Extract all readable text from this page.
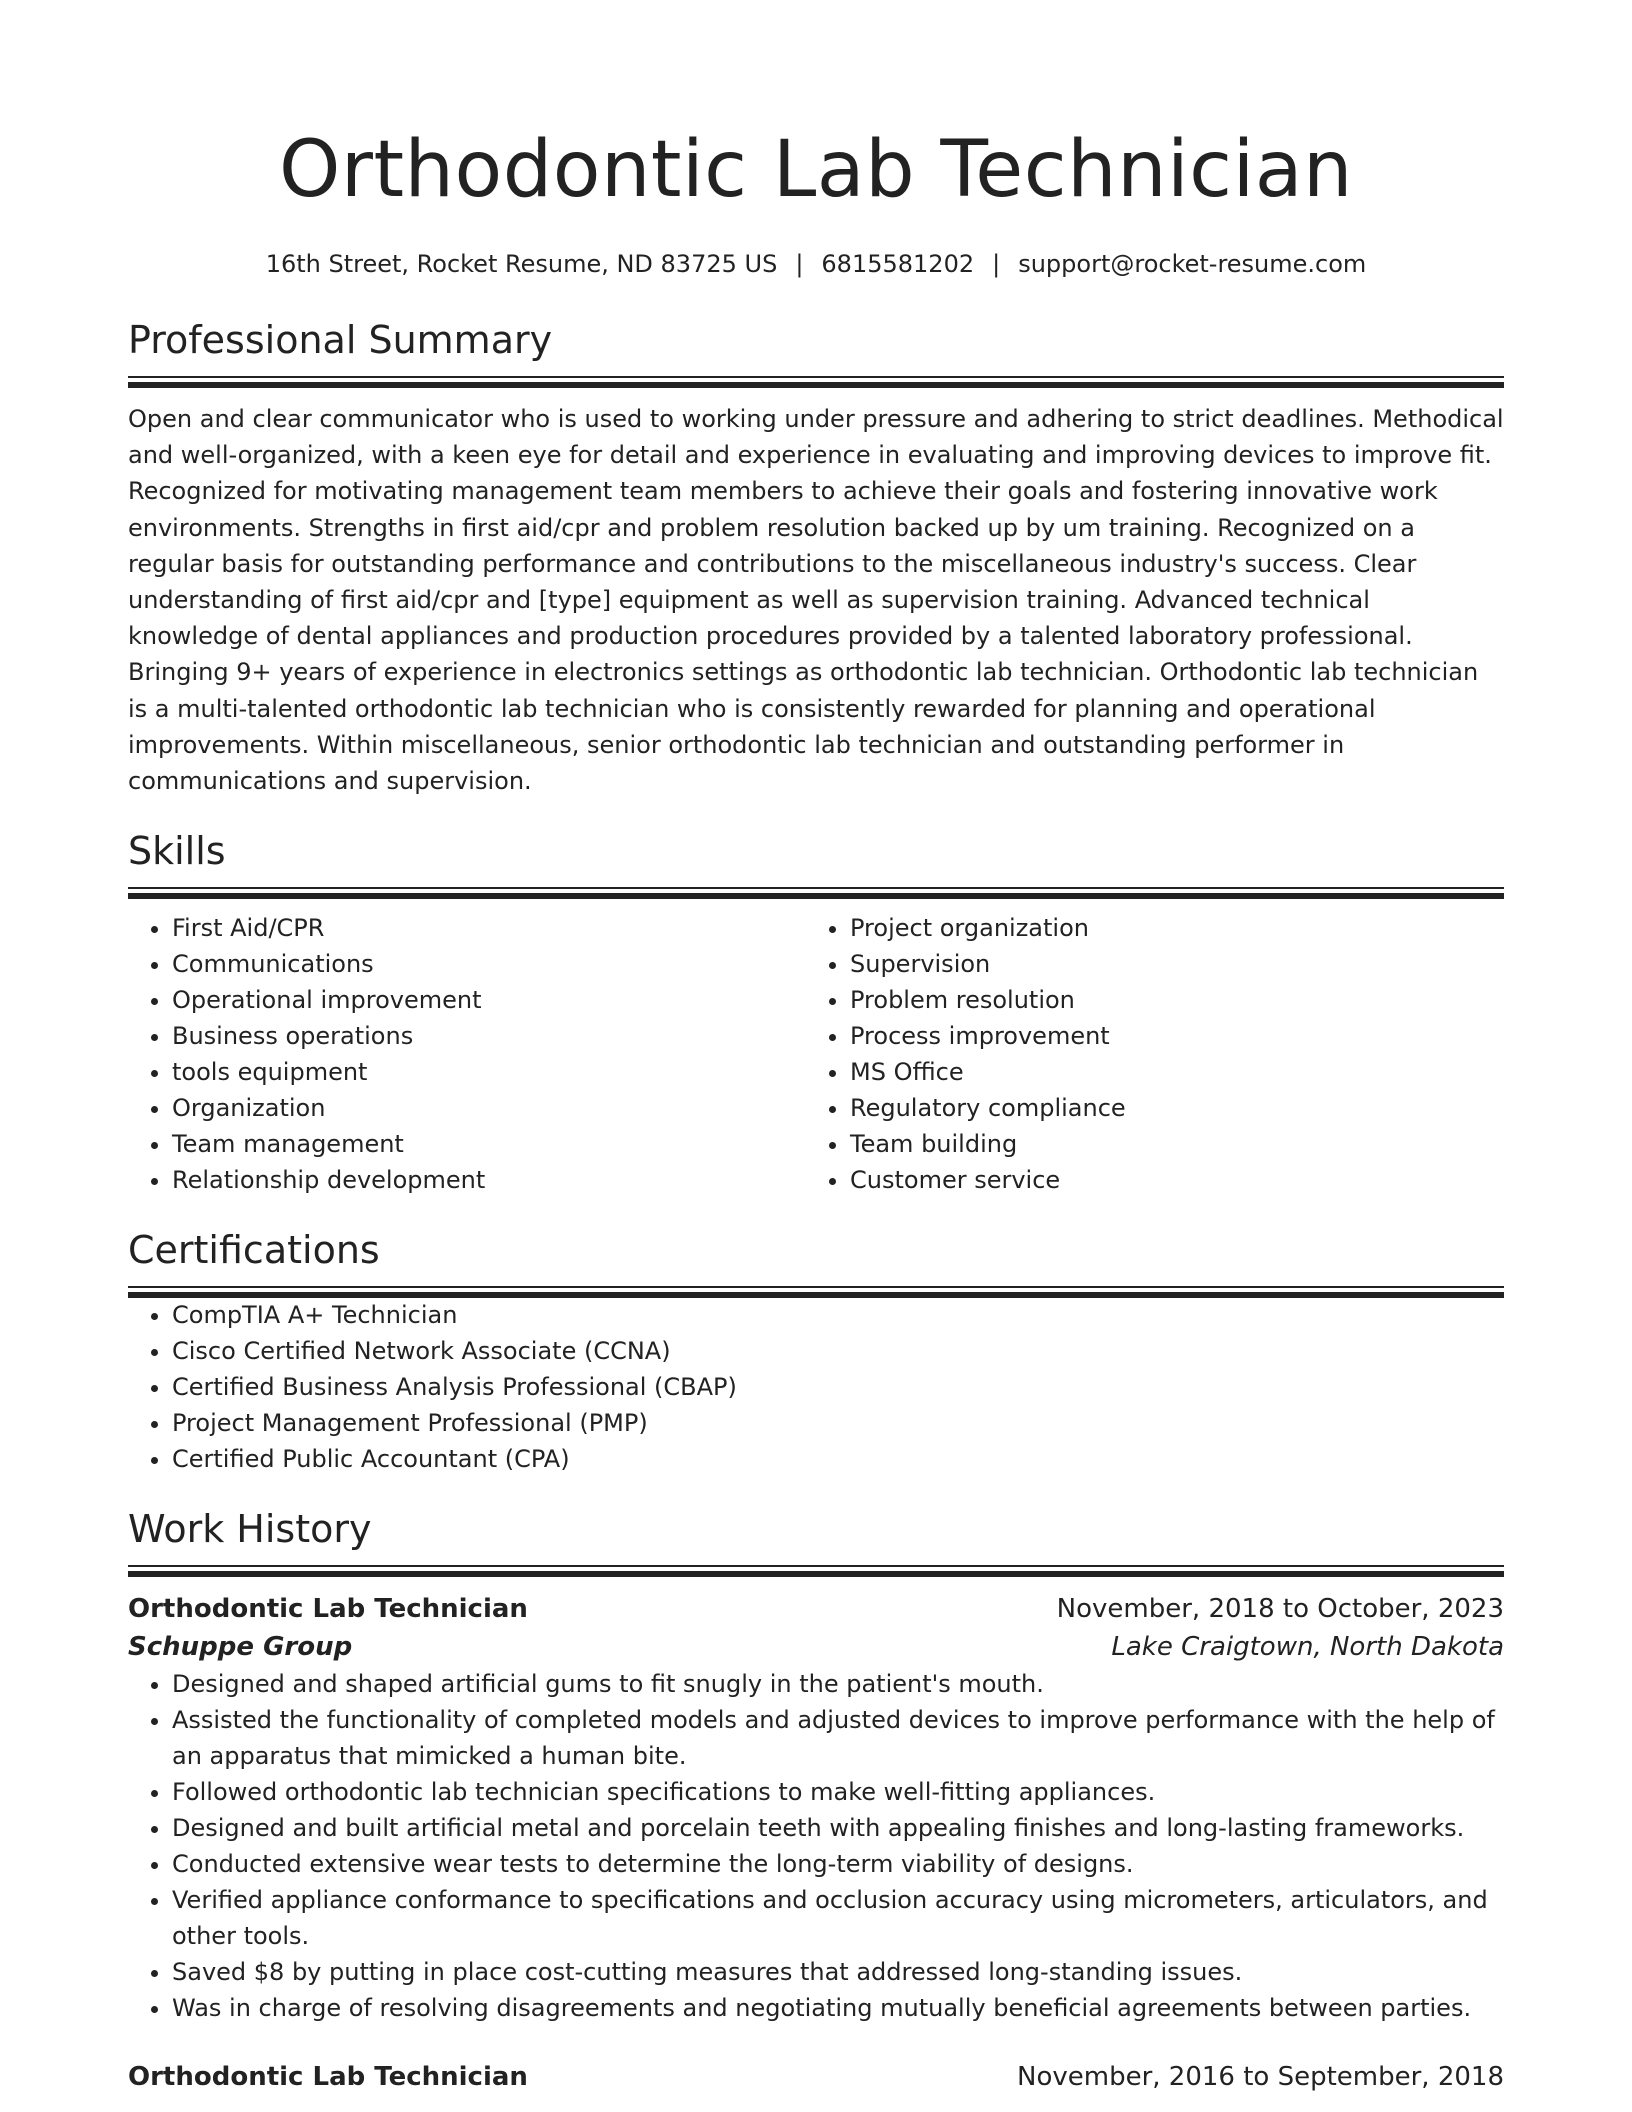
Orthodontic Lab Technician
16th Street, Rocket Resume, ND 83725 US | 6815581202 | support@rocket-resume.com
Professional Summary

Open and clear communicator who is used to working under pressure and adhering to strict deadlines. Methodical and well-organized, with a keen eye for detail and experience in evaluating and improving devices to improve fit. Recognized for motivating management team members to achieve their goals and fostering innovative work environments. Strengths in first aid/cpr and problem resolution backed up by um training. Recognized on a regular basis for outstanding performance and contributions to the miscellaneous industry's success. Clear understanding of first aid/cpr and [type] equipment as well as supervision training. Advanced technical knowledge of dental appliances and production procedures provided by a talented laboratory professional. Bringing 9+ years of experience in electronics settings as orthodontic lab technician. Orthodontic lab technician is a multi-talented orthodontic lab technician who is consistently rewarded for planning and operational improvements. Within miscellaneous, senior orthodontic lab technician and outstanding performer in communications and supervision.

Skills
• First Aid/CPR
• Communications
• Operational improvement
• Business operations
• tools equipment
• Organization
• Team management
• Relationship development
• Project organization
• Supervision
• Problem resolution
• Process improvement
• MS Office
• Regulatory compliance
• Team building
• Customer service
Certifications
• CompTIA A+ Technician
• Cisco Certified Network Associate (CCNA)
• Certified Business Analysis Professional (CBAP)
• Project Management Professional (PMP)
• Certified Public Accountant (CPA)
Work History
Orthodontic Lab Technician	November, 2018 to October, 2023
Schuppe Group	Lake Craigtown, North Dakota
• Designed and shaped artificial gums to fit snugly in the patient's mouth.
• Assisted the functionality of completed models and adjusted devices to improve performance with the help of an apparatus that mimicked a human bite.
• Followed orthodontic lab technician specifications to make well-fitting appliances.
• Designed and built artificial metal and porcelain teeth with appealing finishes and long-lasting frameworks.
• Conducted extensive wear tests to determine the long-term viability of designs.
• Verified appliance conformance to specifications and occlusion accuracy using micrometers, articulators, and other tools.
• Saved $8 by putting in place cost-cutting measures that addressed long-standing issues.
• Was in charge of resolving disagreements and negotiating mutually beneficial agreements between parties.
Orthodontic Lab Technician	November, 2016 to September, 2018
